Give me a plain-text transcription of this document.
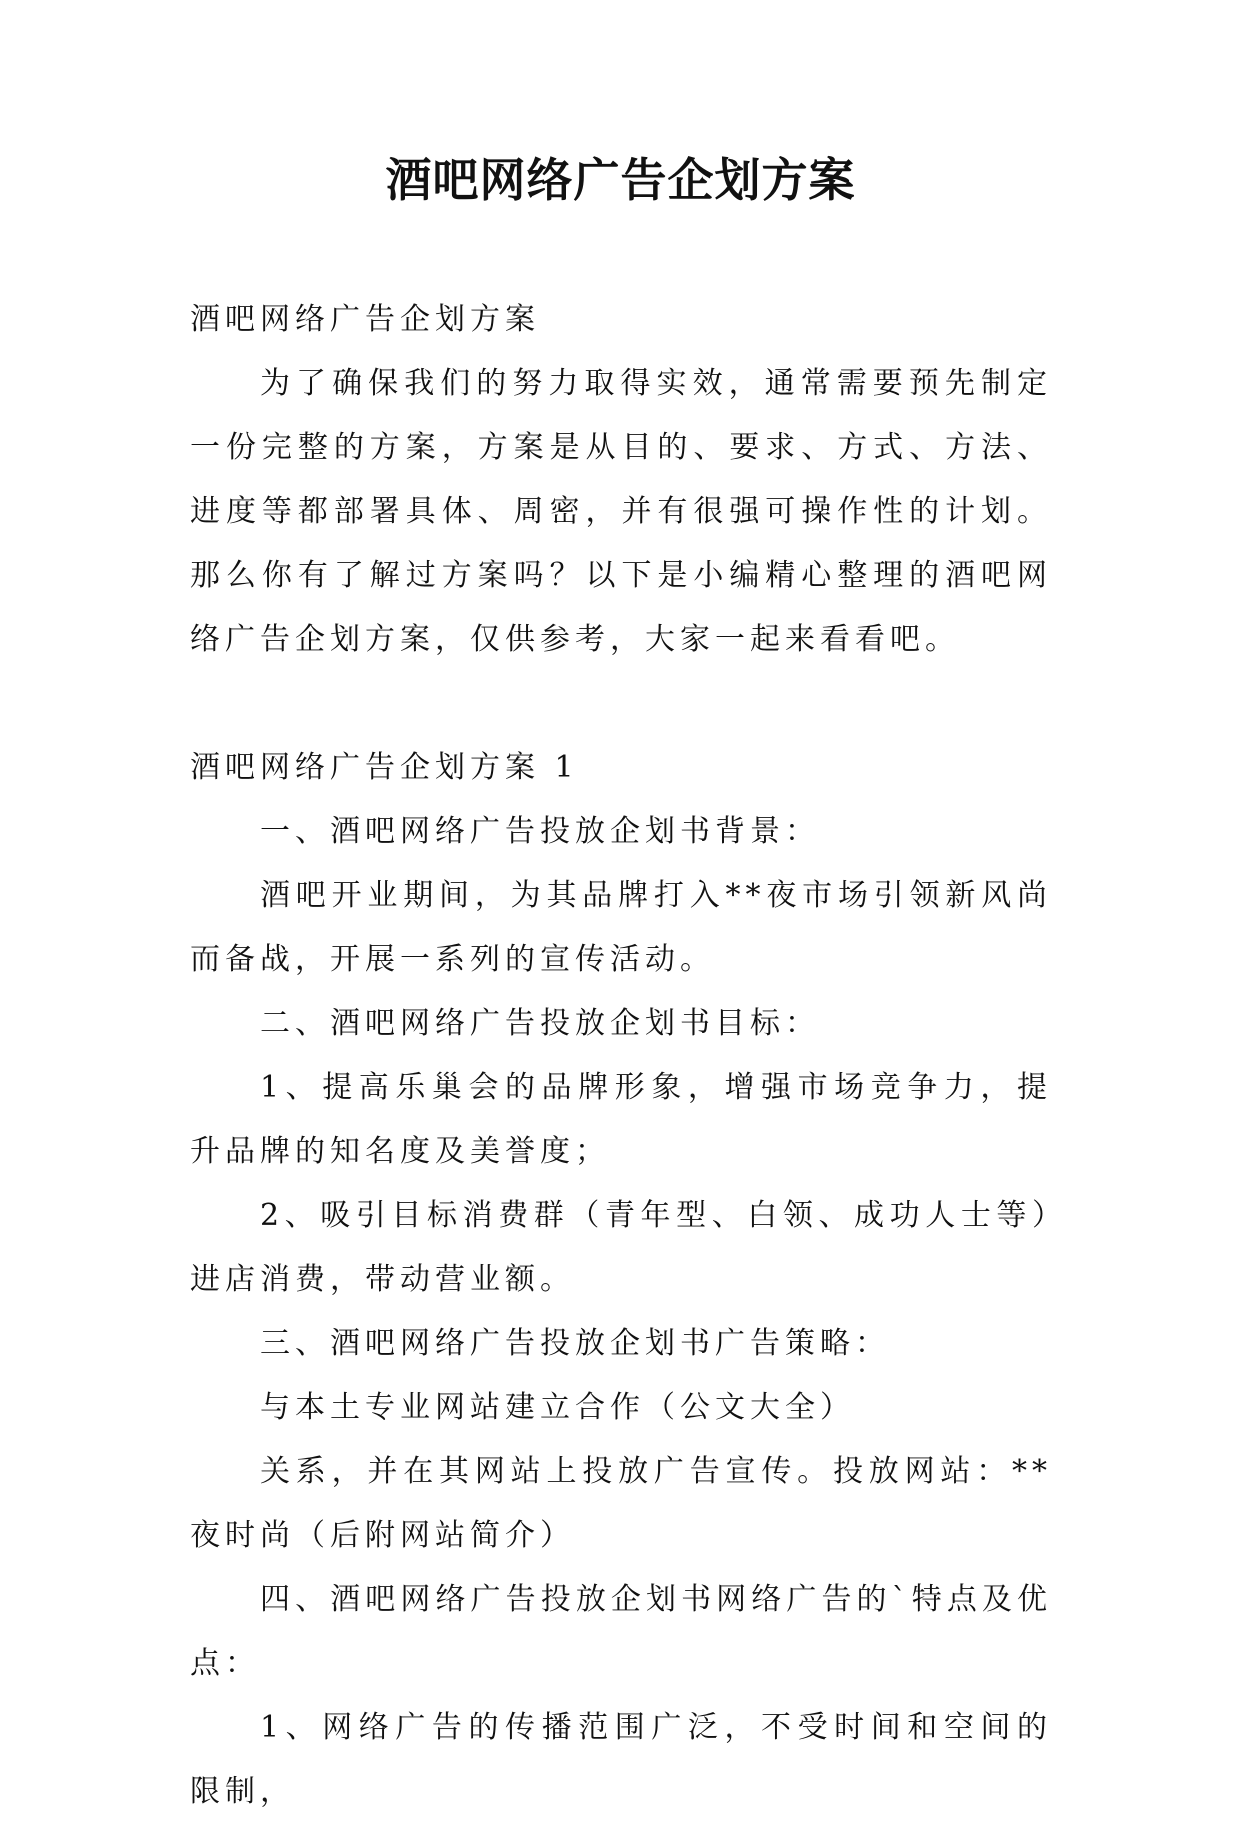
酒吧网络广告企划方案

酒吧网络广告企划方案

为了确保我们的努力取得实效，通常需要预先制定一份完整的方案，方案是从目的、要求、方式、方法、进度等都部署具体、周密，并有很强可操作性的计划。那么你有了解过方案吗？以下是小编精心整理的酒吧网络广告企划方案，仅供参考，大家一起来看看吧。

酒吧网络广告企划方案 1

一、酒吧网络广告投放企划书背景：

酒吧开业期间，为其品牌打入**夜市场引领新风尚而备战，开展一系列的宣传活动。

二、酒吧网络广告投放企划书目标：

1、提高乐巢会的品牌形象，增强市场竞争力，提升品牌的知名度及美誉度；

2、吸引目标消费群（青年型、白领、成功人士等）进店消费，带动营业额。

三、酒吧网络广告投放企划书广告策略：

与本土专业网站建立合作（公文大全）

关系，并在其网站上投放广告宣传。投放网站：**夜时尚（后附网站简介）

四、酒吧网络广告投放企划书网络广告的`特点及优点：

1、网络广告的传播范围广泛，不受时间和空间的限制，
